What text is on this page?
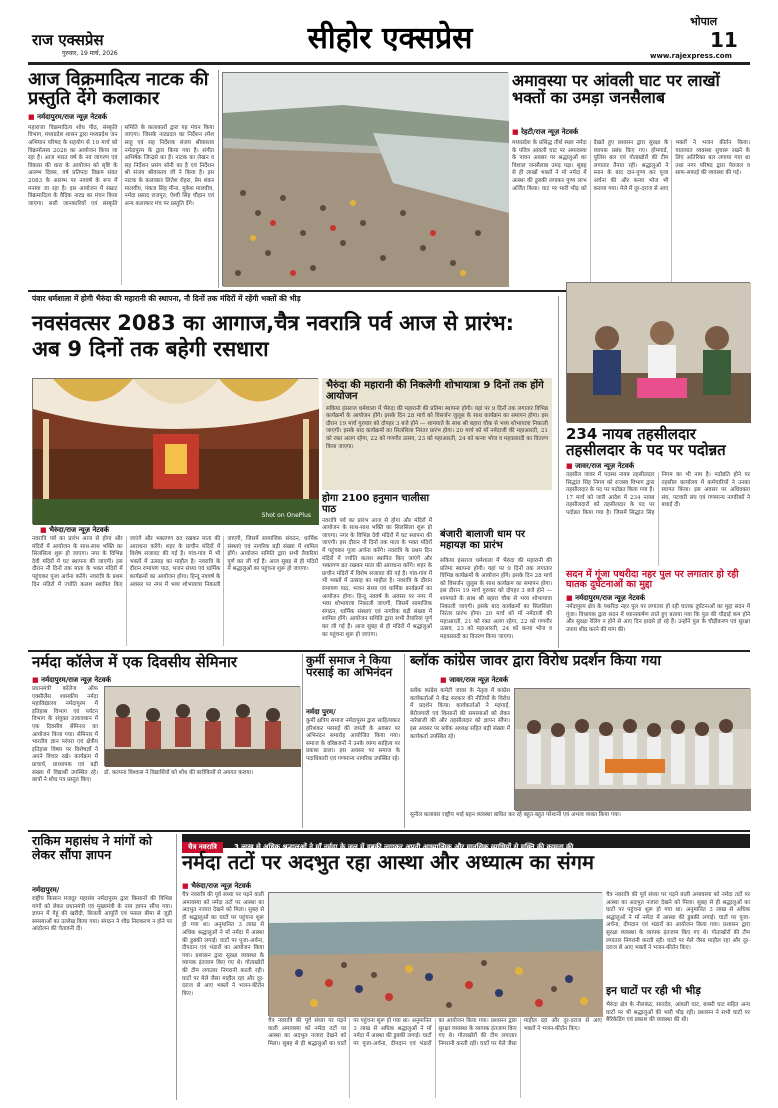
राज एक्सप्रेस
गुरुवार, 19 मार्च, 2026	सीहोर एक्सप्रेस	भोपाल
11
www.rajexpress.com
आज विक्रमादित्य नाटक की प्रस्तुति देंगे कलाकार
■ नर्मदापुरम/राज न्यूज़ नेटवर्क
महाराजा विक्रमादित्य शोध पीठ, संस्कृति विभाग, मध्यप्रदेश शासन द्वारा मध्यप्रदेश जन अभियान परिषद के सहयोग से 19 मार्च को विक्रमोत्सव 2026 का आयोजन किया जा रहा है। आज भारत वर्ष के नव जागरण एवं विकास की धारा के आयोजन को सृष्टि के आरम्भ दिवस, वर्ष प्रतिपदा विक्रम संवत 2083 के आरम्भ पर नववर्ष के रूप में मनाया जा रहा है। इस आयोजन में सम्राट विक्रमादित्य के वैदिक नाट्य का मंचन किया जाएगा। सारी जानकारियाँ एवं संस्कृति समिति के कलाकारों द्वारा यह मंचन किया जाएगा। जिसके नाट्यदल का निर्देशन रमेश साहू एवं सह निर्देशक संजय श्रीवास्तव नर्मदापुरम के द्वारा किया गया है। संगीत अभिषेक जिन्द्रसे का है। नाटक का लेखन व सह निर्देशन प्रसंग सोनी का है एवं निर्देशन श्री संजय श्रीवास्तव जी ने किया है। इस नाटक के कलाकार लितेश रोहरा, प्रेम शंकर मालवीय, पंकज सिंह मीना, मुकेश मालवीय, नर्मदा प्रसाद राजपूत, ऐश्वी सिंह चौहान एवं अन्य कलाकार मंच पर प्रस्तुति देंगे।
अमावस्या पर आंवली घाट पर लाखों भक्तों का उमड़ा जनसैलाब
■ रेहटी/राज न्यूज़ नेटवर्क
मध्यप्रदेश के प्रसिद्ध तीर्थ स्थल नर्मदा के पवित्र आंवली घाट पर अमावस्या के पावन अवसर पर श्रद्धालुओं का विशाल जनसैलाब उमड़ पड़ा। सुबह से ही लाखों भक्तों ने माँ नर्मदा में आस्था की डुबकी लगाकर पुण्य लाभ अर्जित किया। घाट पर भारी भीड़ को देखते हुए प्रशासन द्वारा सुरक्षा के व्यापक प्रबंध किए गए। होमगार्ड, पुलिस बल एवं गोताखोरों की टीम लगातार तैनात रही। श्रद्धालुओं ने स्नान के बाद दान-पुण्य कर पूजा अर्चना की और कन्या भोज भी कराया गया। मेले में दूर-दराज से आए भक्तों ने भजन कीर्तन किया। यातायात व्यवस्था सुचारू रखने के लिए अतिरिक्त बल लगाया गया था तथा नगर परिषद द्वारा पेयजल व साफ-सफाई की व्यवस्था की गई।
पंवार धर्मशाला में होगी भैरुंदा की महारानी की स्थापना, नौ दिनों तक मंदिरों में रहेंगी भक्तों की भीड़
नवसंवत्सर 2083 का आगाज,चैत्र नवरात्रि पर्व आज से प्रारंभ: अब 9 दिनों तक बहेगी रसधारा
Shot on OnePlus
■ भैरुंदा/राज न्यूज़ नेटवर्क
भैरुंदा की महारानी की निकलेगी शोभायात्रा 9 दिनों तक होंगे आयोजन
सकिया हंसराज धर्मशाला में भैरुंदा की महारानी की प्रतिमा स्थापना होगी। यहां पर 9 दिनों तक लगातार विभिन्न कार्यक्रमों के आयोजन होंगे। इसके दिन 28 मार्च को विसर्जन जुलूस के साथ कार्यक्रम का समापन होगा। इस दौरान 19 मार्च गुरुवार को दोपहर 3 बजे होने — शामयाते के साथ श्री बहारा चौक से भव्य शोभायात्रा निकाली जाएगी। इसके बाद कार्यक्रमों का सिलसिला निरंतर प्रारंभ होगा। 20 मार्च को माँ नर्मदाजी की महाआरती, 21 को रक्त अलग रहेगा, 22 को गणगौर उत्सव, 23 को महाआरती, 24 को कन्या भोज व महाप्रसादी का वितरण किया जाएगा।
नवरात्रि पर्व का प्रारंभ आज से होगा और मंदिरों में आयोजन के साथ-साथ भक्ति का सिलसिला शुरू हो जाएगा। नगर के विभिन्न देवी मंदिरों में घट स्थापना की जाएगी। इस दौरान नौ दिनों तक माता के भक्त मंदिरों में पहुंचकर पूजा अर्चना करेंगे। नवरात्रि के प्रथम दिन मंदिरों में ज्योति कलश स्थापित किए जाएंगे और भक्तगण व्रत रखकर माता की आराधना करेंगे। शहर के प्राचीन मंदिरों में विशेष सजावट की गई है। गांव-गांव में भी भक्तों में उत्साह का माहौल है। नवरात्रि के दौरान रामायण पाठ, भजन संध्या एवं धार्मिक कार्यक्रमों का आयोजन होगा। हिन्दू नववर्ष के अवसर पर नगर में भव्य शोभायात्रा निकाली जाएगी, जिसमें सामाजिक संगठन, धार्मिक संस्थाएं एवं नागरिक बड़ी संख्या में शामिल होंगे। आयोजन समिति द्वारा सभी तैयारियां पूर्ण कर ली गई हैं। आज सुबह से ही मंदिरों में श्रद्धालुओं का पहुंचना शुरू हो जाएगा।
होगा 2100 हनुमान चालीसा पाठ
नवरात्रि पर्व का प्रारंभ आज से होगा और मंदिरों में आयोजन के साथ-साथ भक्ति का सिलसिला शुरू हो जाएगा। नगर के विभिन्न देवी मंदिरों में घट स्थापना की जाएगी। इस दौरान नौ दिनों तक माता के भक्त मंदिरों में पहुंचकर पूजा अर्चना करेंगे। नवरात्रि के प्रथम दिन मंदिरों में ज्योति कलश स्थापित किए जाएंगे और भक्तगण व्रत रखकर माता की आराधना करेंगे। शहर के प्राचीन मंदिरों में विशेष सजावट की गई है। गांव-गांव में भी भक्तों में उत्साह का माहौल है। नवरात्रि के दौरान रामायण पाठ, भजन संध्या एवं धार्मिक कार्यक्रमों का आयोजन होगा। हिन्दू नववर्ष के अवसर पर नगर में भव्य शोभायात्रा निकाली जाएगी, जिसमें सामाजिक संगठन, धार्मिक संस्थाएं एवं नागरिक बड़ी संख्या में शामिल होंगे। आयोजन समिति द्वारा सभी तैयारियां पूर्ण कर ली गई हैं। आज सुबह से ही मंदिरों में श्रद्धालुओं का पहुंचना शुरू हो जाएगा।
बंजारी बालाजी धाम पर महायज्ञ का प्रारंभ
सकिया हंसराज धर्मशाला में भैरुंदा की महारानी की प्रतिमा स्थापना होगी। यहां पर 9 दिनों तक लगातार विभिन्न कार्यक्रमों के आयोजन होंगे। इसके दिन 28 मार्च को विसर्जन जुलूस के साथ कार्यक्रम का समापन होगा। इस दौरान 19 मार्च गुरुवार को दोपहर 3 बजे होने — शामयाते के साथ श्री बहारा चौक से भव्य शोभायात्रा निकाली जाएगी। इसके बाद कार्यक्रमों का सिलसिला निरंतर प्रारंभ होगा। 20 मार्च को माँ नर्मदाजी की महाआरती, 21 को रक्त अलग रहेगा, 22 को गणगौर उत्सव, 23 को महाआरती, 24 को कन्या भोज व महाप्रसादी का वितरण किया जाएगा।
234 नायब तहसीलदार तहसीलदार के पद पर पदोन्नत
■ जावर/राज न्यूज़ नेटवर्क
तहसील जावर में पदस्थ नायब तहसीलदार सिद्धांत सिंह निगम को राजस्व विभाग द्वारा तहसीलदार के पद पर पदोन्नत किया गया है। 17 मार्च को जारी आदेश में 234 नायब तहसीलदारों को तहसीलदार के पद पर पदोन्नत किया गया है। जिसमें सिद्धांत सिंह निगम का भी नाम है। पदोन्नति होने पर तहसील कार्यालय में कर्मचारियों ने उनका स्वागत किया। इस अवसर पर अधिवक्ता संघ, पटवारी संघ एवं गणमान्य नागरिकों ने बधाई दी।
सदन में गूंजा पथरीदा नहर पुल पर लगातार हो रही घातक दुर्घटनाओं का मुद्दा
■ नर्मदापुरम/राज न्यूज़ नेटवर्क
नर्मदापुरम क्षेत्र के पथरीदा नहर पुल पर लगातार हो रही घातक दुर्घटनाओं का मुद्दा सदन में गूंजा। विधायक द्वारा सदन में ध्यानाकर्षण लाते हुए बताया गया कि पुल की चौड़ाई कम होने और सुरक्षा रेलिंग न होने से आए दिन हादसे हो रहे हैं। उन्होंने पुल के चौड़ीकरण एवं सुरक्षा उपाय शीघ्र करने की मांग की।
नर्मदा कॉलेज में एक दिवसीय सेमिनार
■ नर्मदापुरम/राज न्यूज़ नेटवर्क
प्रधानमंत्री कॉलेज ऑफ एक्सीलेंस शासकीय नर्मदा महाविद्यालय नर्मदापुरम में इतिहास विभाग एवं पर्यटन विभाग के संयुक्त तत्वावधान में एक दिवसीय सेमिनार का आयोजन किया गया। सेमिनार में भारतीय ज्ञान परंपरा एवं क्षेत्रीय इतिहास विषय पर विशेषज्ञों ने अपने विचार रखे। कार्यक्रम में प्राचार्य, प्राध्यापक एवं बड़ी संख्या में विद्यार्थी उपस्थित रहे। छात्रों ने शोध पत्र प्रस्तुत किए।
डॉ. कल्पना विश्वास ने विद्यार्थियों को शोध की बारीकियों से अवगत कराया।
कुर्मी समाज ने किया परसाई का अभिनंदन
नर्मदा पुरम/
कुर्मी क्षत्रिय समाज नर्मदापुरम द्वारा साहित्यकार हरिशंकर परसाई की जयंती के अवसर पर अभिनंदन समारोह आयोजित किया गया। समाज के वरिष्ठजनों ने उनके व्यंग्य साहित्य पर प्रकाश डाला। इस अवसर पर समाज के पदाधिकारी एवं गणमान्य नागरिक उपस्थित रहे।
ब्लॉक कांग्रेस जावर द्वारा विरोध प्रदर्शन किया गया
■ जावर/राज न्यूज़ नेटवर्क
ब्लॉक कांग्रेस कमेटी जावर के नेतृत्व में कांग्रेस कार्यकर्ताओं ने केंद्र सरकार की नीतियों के विरोध में प्रदर्शन किया। कार्यकर्ताओं ने महंगाई, बेरोजगारी एवं किसानों की समस्याओं को लेकर नारेबाजी की और तहसीलदार को ज्ञापन सौंपा। इस अवसर पर ब्लॉक अध्यक्ष सहित बड़ी संख्या में कार्यकर्ता उपस्थित रहे।
सुनील कलाबार राष्ट्रीय भाई बहन व्यवस्था बाधित कर रहे बहुत-बहुत परेशानी एवं अभाव व्यक्त किया गया।
राकिम महासंघ ने मांगों को लेकर सौंपा ज्ञापन
नर्मदापुरम/
राष्ट्रीय किसान मजदूर महासंघ नर्मदापुरम द्वारा किसानों की विभिन्न मांगों को लेकर प्रधानमंत्री एवं मुख्यमंत्री के नाम ज्ञापन सौंपा गया। ज्ञापन में गेहूं की खरीदी, बिजली आपूर्ति एवं फसल बीमा से जुड़ी समस्याओं का उल्लेख किया गया। संगठन ने शीघ्र निराकरण न होने पर आंदोलन की चेतावनी दी।
चैत्र नवरात्रि 3 लाख से अधिक श्रद्धालुओं ने माँ नर्मदा के जल में डुबकी लगाकर अपनी आध्यात्मिक और मानसिक व्याधियों से मुक्ति की कामना की
नर्मदा तटों पर अदभुत रहा आस्था और अध्यात्म का संगम
■ भैरुंदा/राज न्यूज़ नेटवर्क
चैत्र नवरात्रि की पूर्व संध्या पर पड़ने वाली अमावस्या को नर्मदा तटों पर आस्था का अदभुत नजारा देखने को मिला। सुबह से ही श्रद्धालुओं का घाटों पर पहुंचना शुरू हो गया था। अनुमानित 3 लाख से अधिक श्रद्धालुओं ने माँ नर्मदा में आस्था की डुबकी लगाई। घाटों पर पूजा-अर्चना, दीपदान एवं भंडारों का आयोजन किया गया। प्रशासन द्वारा सुरक्षा व्यवस्था के व्यापक इंतजाम किए गए थे। गोताखोरों की टीम लगातार निगरानी करती रही। घाटों पर मेले जैसा माहौल रहा और दूर-दराज से आए भक्तों ने भजन-कीर्तन किए।
चैत्र नवरात्रि की पूर्व संध्या पर पड़ने वाली अमावस्या को नर्मदा तटों पर आस्था का अदभुत नजारा देखने को मिला। सुबह से ही श्रद्धालुओं का घाटों पर पहुंचना शुरू हो गया था। अनुमानित 3 लाख से अधिक श्रद्धालुओं ने माँ नर्मदा में आस्था की डुबकी लगाई। घाटों पर पूजा-अर्चना, दीपदान एवं भंडारों का आयोजन किया गया। प्रशासन द्वारा सुरक्षा व्यवस्था के व्यापक इंतजाम किए गए थे। गोताखोरों की टीम लगातार निगरानी करती रही। घाटों पर मेले जैसा माहौल रहा और दूर-दराज से आए भक्तों ने भजन-कीर्तन किए।
चैत्र नवरात्रि की पूर्व संध्या पर पड़ने वाली अमावस्या को नर्मदा तटों पर आस्था का अदभुत नजारा देखने को मिला। सुबह से ही श्रद्धालुओं का घाटों पर पहुंचना शुरू हो गया था। अनुमानित 3 लाख से अधिक श्रद्धालुओं ने माँ नर्मदा में आस्था की डुबकी लगाई। घाटों पर पूजा-अर्चना, दीपदान एवं भंडारों का आयोजन किया गया। प्रशासन द्वारा सुरक्षा व्यवस्था के व्यापक इंतजाम किए गए थे। गोताखोरों की टीम लगातार निगरानी करती रही। घाटों पर मेले जैसा माहौल रहा और दूर-दराज से आए भक्तों ने भजन-कीर्तन किए।
इन घाटों पर रही भी भीड़
भैरुंदा क्षेत्र के नीलकंठ, सातदेव, आंवली घाट, बाबरी घाट सहित अन्य घाटों पर भी श्रद्धालुओं की भारी भीड़ रही। प्रशासन ने सभी घाटों पर बैरिकेडिंग एवं प्रकाश की व्यवस्था की थी।
